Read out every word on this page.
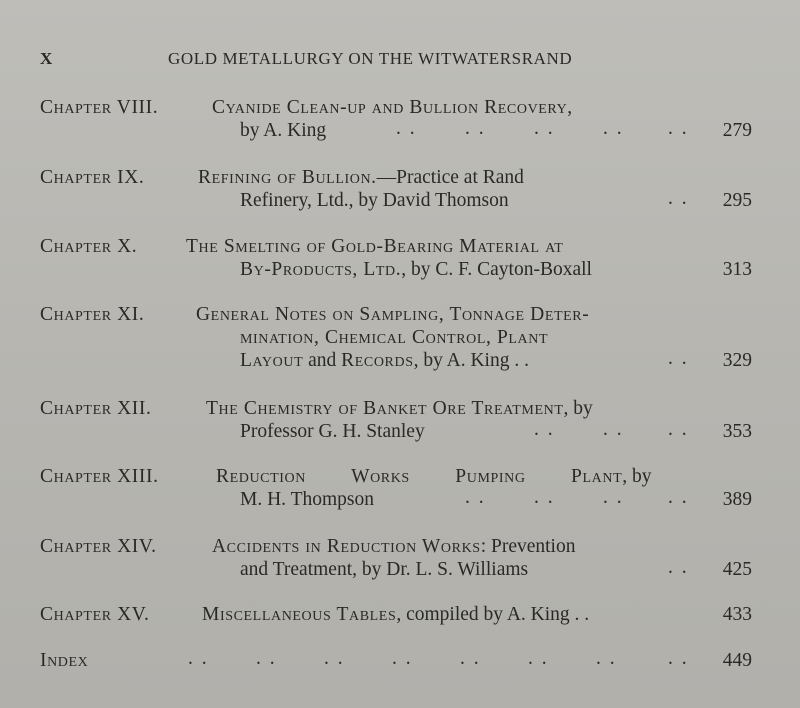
X	GOLD METALLURGY ON THE WITWATERSRAND
Chapter VIII.	Cyanide Clean-up and Bullion Recovery,
by A. King	. . . . . . . . . . 279
Chapter IX.	Refining of Bullion.—Practice at Rand
Refinery, Ltd., by David Thomson	. . 295
Chapter X. The Smelting of Gold-Bearing Material at
By-Products, Ltd., by C. F. Cayton-Boxall	313
Chapter XI.	General Notes on Sampling, Tonnage Deter-
mination, Chemical Control, Plant
Layout and Records, by A. King . .	. . 329
Chapter XII.	The Chemistry of Banket Ore Treatment, by
Professor G. H. Stanley	. . . . . . 353
Chapter XIII.	Reduction Works Pumping Plant, by
M. H. Thompson	. . . . . . . . 389
Chapter XIV.	Accidents in Reduction Works: Prevention
and Treatment, by Dr. L. S. Williams	. . 425
Chapter XV.	Miscellaneous Tables, compiled by A. King . .	433
Index	. . . . . . . . . . . . . .	. . 449
